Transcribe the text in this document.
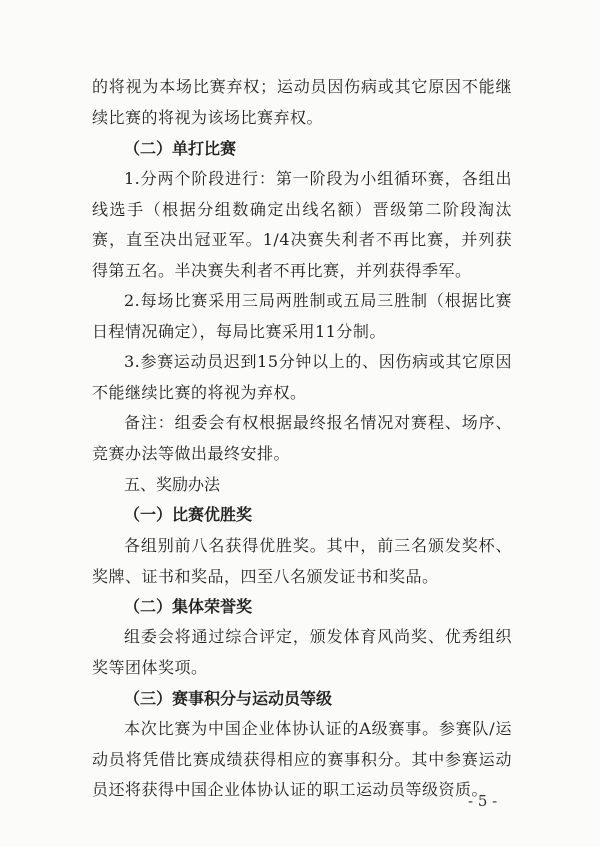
的将视为本场比赛弃权；运动员因伤病或其它原因不能继续比赛的将视为该场比赛弃权。

（二）单打比赛

1.分两个阶段进行：第一阶段为小组循环赛，各组出线选手（根据分组数确定出线名额）晋级第二阶段淘汰赛，直至决出冠亚军。1/4决赛失利者不再比赛，并列获得第五名。半决赛失利者不再比赛，并列获得季军。

2.每场比赛采用三局两胜制或五局三胜制（根据比赛日程情况确定），每局比赛采用11分制。

3.参赛运动员迟到15分钟以上的、因伤病或其它原因不能继续比赛的将视为弃权。

备注：组委会有权根据最终报名情况对赛程、场序、竞赛办法等做出最终安排。

五、奖励办法

（一）比赛优胜奖

各组别前八名获得优胜奖。其中，前三名颁发奖杯、奖牌、证书和奖品，四至八名颁发证书和奖品。

（二）集体荣誉奖

组委会将通过综合评定，颁发体育风尚奖、优秀组织奖等团体奖项。

（三）赛事积分与运动员等级

本次比赛为中国企业体协认证的A级赛事。参赛队/运动员将凭借比赛成绩获得相应的赛事积分。其中参赛运动员还将获得中国企业体协认证的职工运动员等级资质。

- 5 -
